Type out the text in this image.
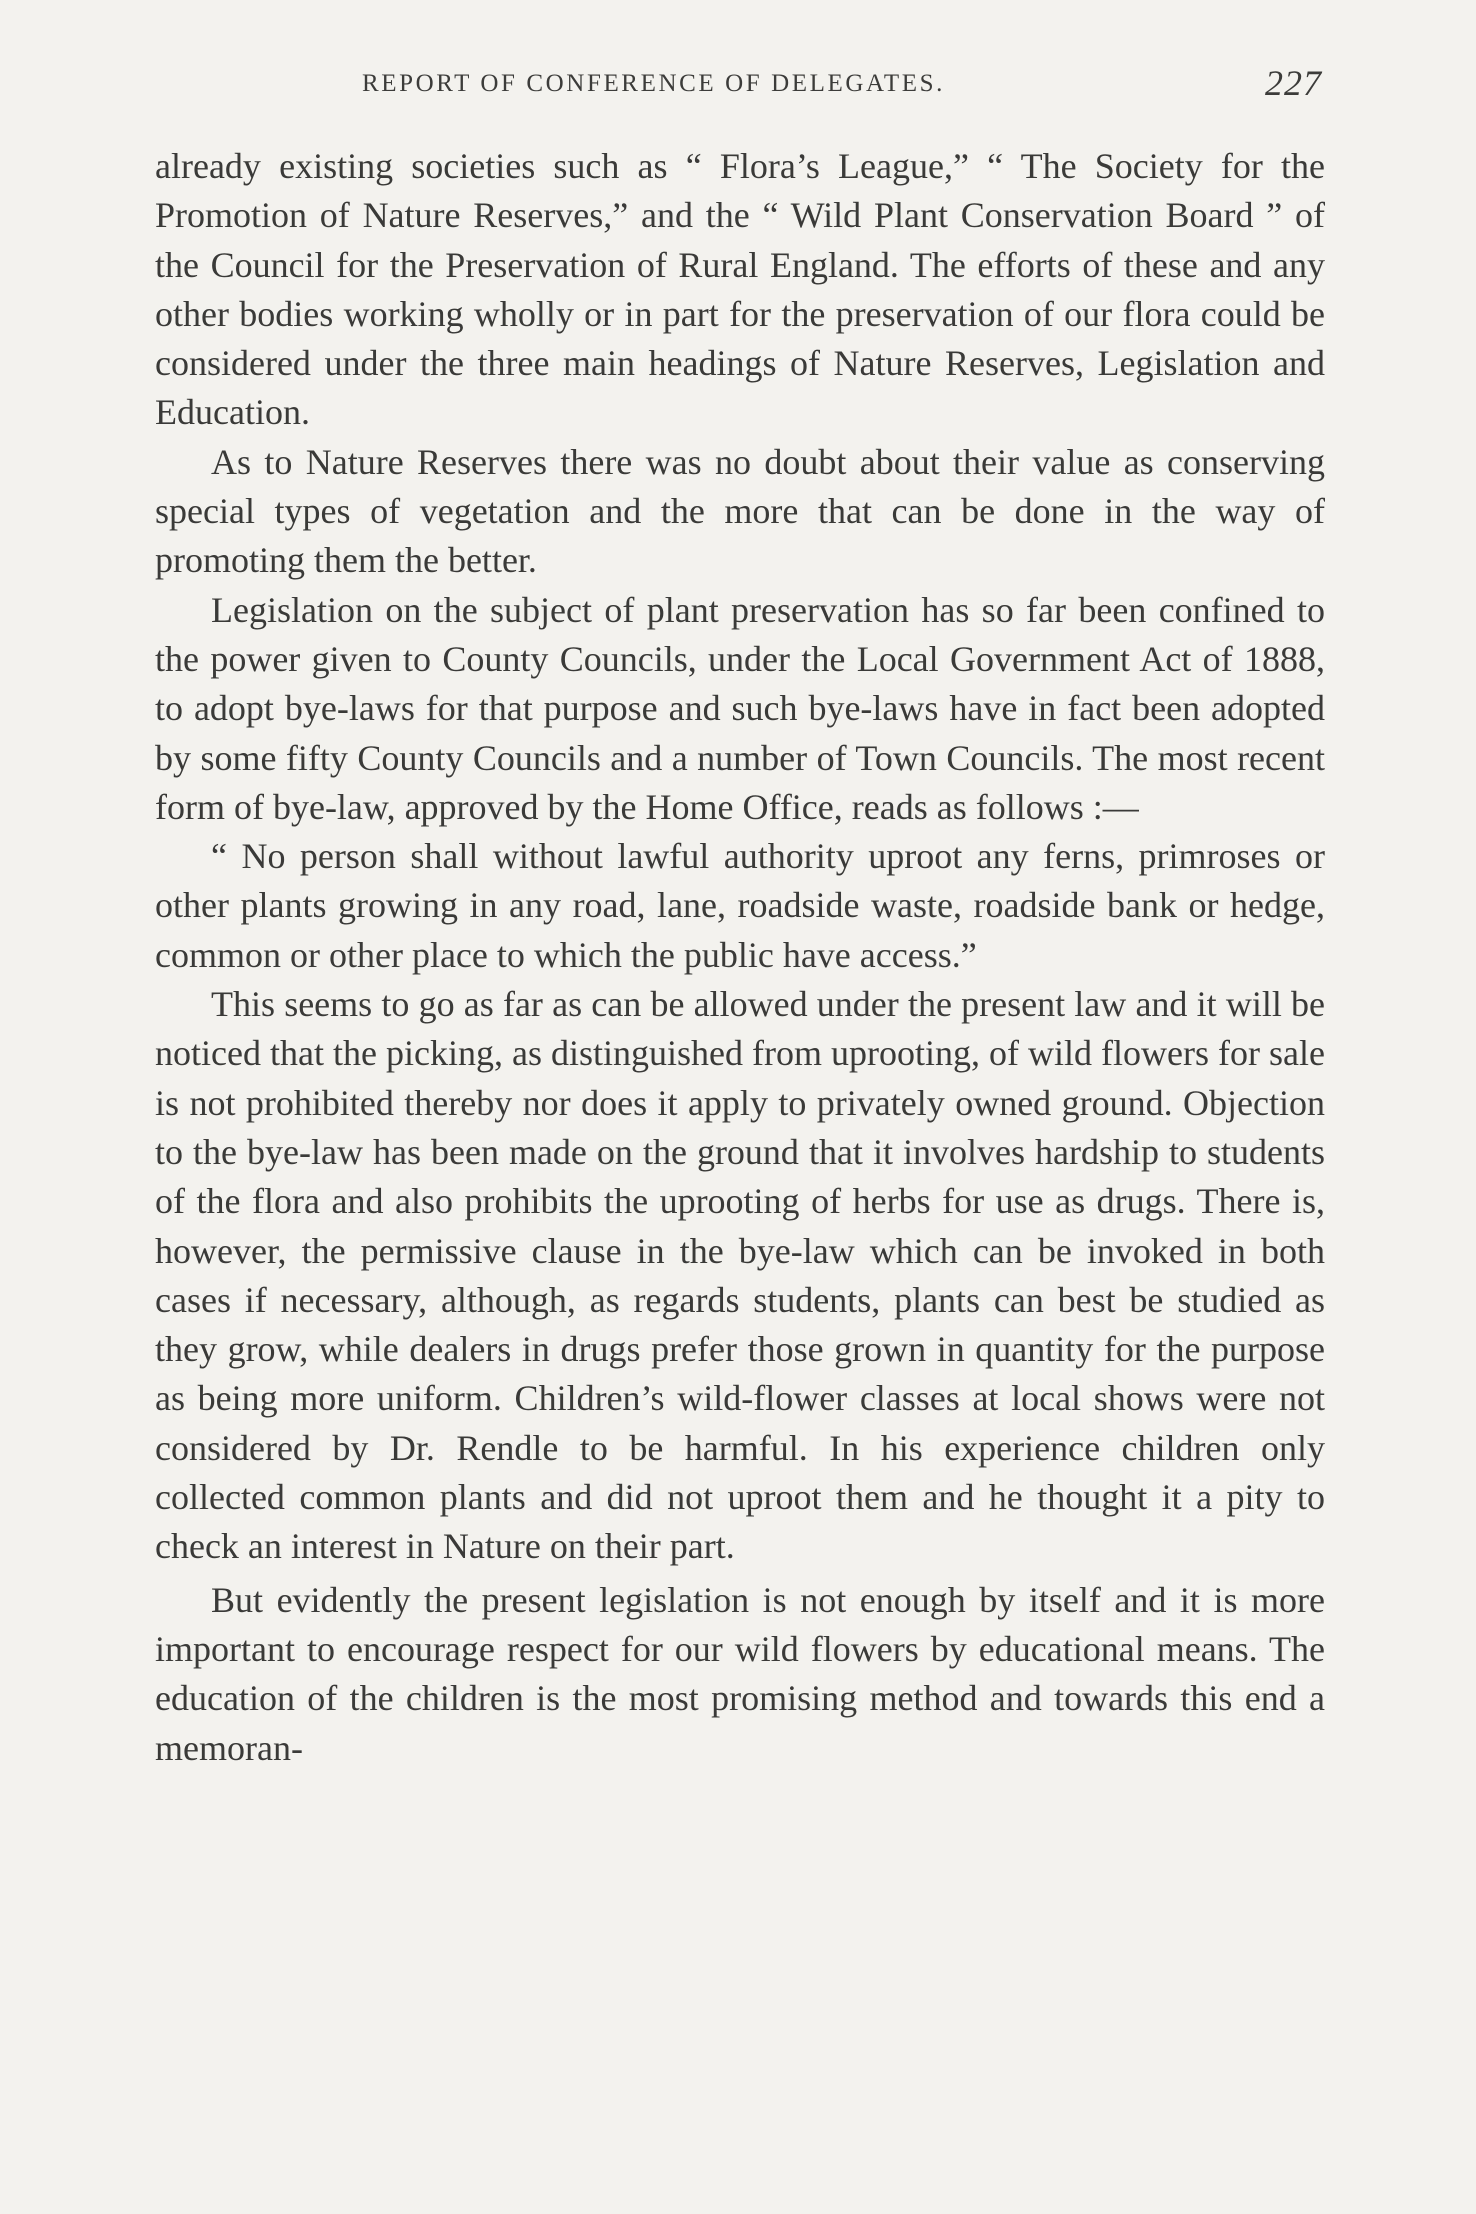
REPORT OF CONFERENCE OF DELEGATES.	227

already existing societies such as “ Flora’s League,” “ The Society for the Promotion of Nature Reserves,” and the “ Wild Plant Conservation Board ” of the Council for the Preservation of Rural England. The efforts of these and any other bodies working wholly or in part for the preservation of our flora could be considered under the three main headings of Nature Reserves, Legislation and Education.

As to Nature Reserves there was no doubt about their value as conserving special types of vegetation and the more that can be done in the way of promoting them the better.

Legislation on the subject of plant preservation has so far been confined to the power given to County Councils, under the Local Government Act of 1888, to adopt bye-laws for that purpose and such bye-laws have in fact been adopted by some fifty County Councils and a number of Town Councils. The most recent form of bye-law, approved by the Home Office, reads as follows :—

“ No person shall without lawful authority uproot any ferns, primroses or other plants growing in any road, lane, roadside waste, roadside bank or hedge, common or other place to which the public have access.”

This seems to go as far as can be allowed under the present law and it will be noticed that the picking, as distinguished from uprooting, of wild flowers for sale is not prohibited thereby nor does it apply to privately owned ground. Objection to the bye-law has been made on the ground that it involves hardship to students of the flora and also prohibits the uprooting of herbs for use as drugs. There is, however, the permissive clause in the bye-law which can be invoked in both cases if necessary, although, as regards students, plants can best be studied as they grow, while dealers in drugs prefer those grown in quantity for the purpose as being more uniform. Children’s wild-flower classes at local shows were not considered by Dr. Rendle to be harmful. In his experience children only collected common plants and did not uproot them and he thought it a pity to check an interest in Nature on their part.

But evidently the present legislation is not enough by itself and it is more important to encourage respect for our wild flowers by educational means. The education of the children is the most promising method and towards this end a memoran-
